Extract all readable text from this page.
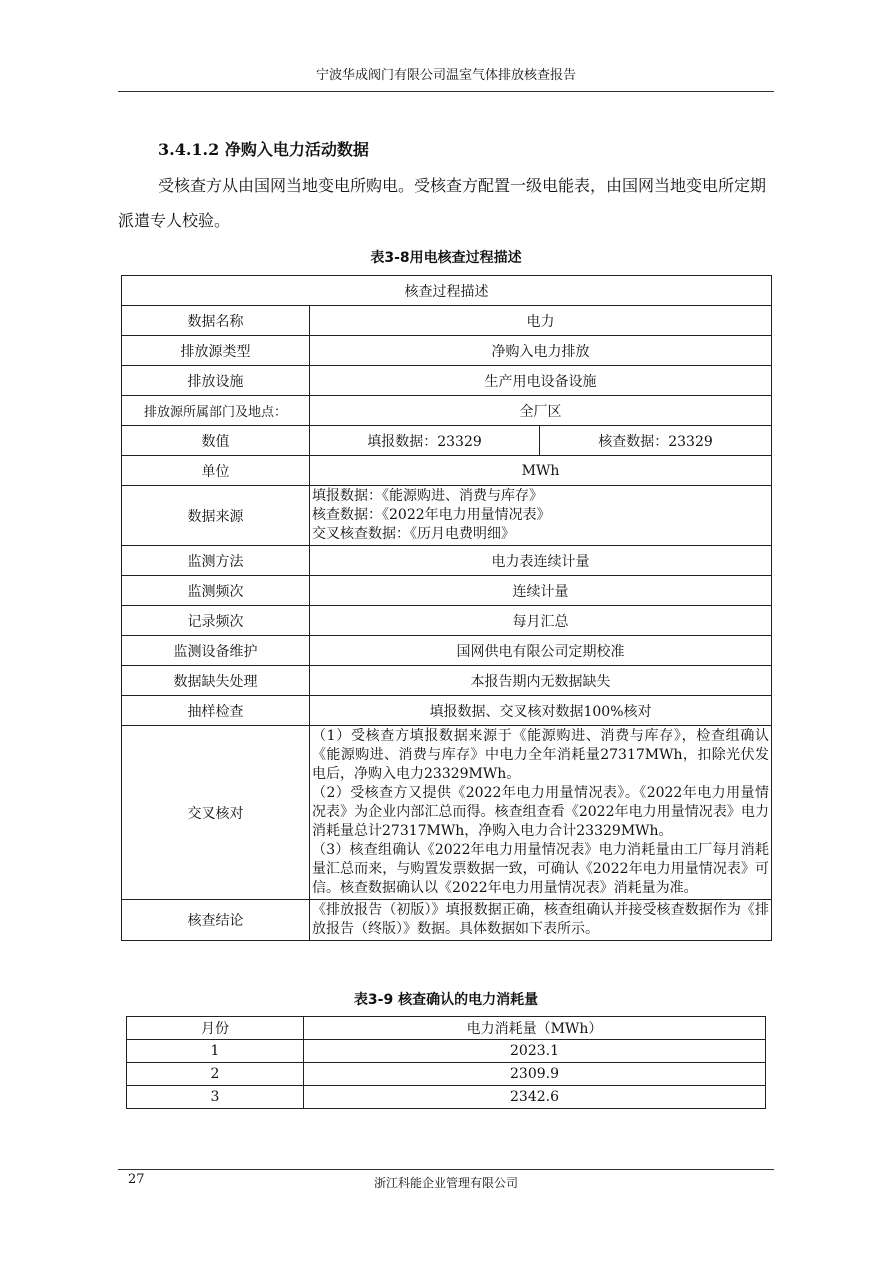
宁波华成阀门有限公司温室气体排放核查报告
3.4.1.2 净购入电力活动数据
受核查方从由国网当地变电所购电。受核查方配置一级电能表，由国网当地变电所定期派遣专人校验。
表3-8用电核查过程描述
核查过程描述		
数据名称	电力	
排放源类型	净购入电力排放	
排放设施	生产用电设备设施	
排放源所属部门及地点：	全厂区	
数值	填报数据：23329	核查数据：23329
单位	MWh	
数据来源	填报数据：《能源购进、消费与库存》
核查数据：《2022年电力用量情况表》
交叉核查数据：《历月电费明细》	

监测方法	电力表连续计量	
监测频次	连续计量	
记录频次	每月汇总	
监测设备维护	国网供电有限公司定期校准	
数据缺失处理	本报告期内无数据缺失	
抽样检查	填报数据、交叉核对数据100%核对	
交叉核对	（1）受核查方填报数据来源于《能源购进、消费与库存》，检查组确认《能源购进、消费与库存》中电力全年消耗量27317MWh，扣除光伏发电后，净购入电力23329MWh。
（2）受核查方又提供《2022年电力用量情况表》。《2022年电力用量情况表》为企业内部汇总而得。核查组查看《2022年电力用量情况表》电力消耗量总计27317MWh，净购入电力合计23329MWh。
（3）核查组确认《2022年电力用量情况表》电力消耗量由工厂每月消耗量汇总而来，与购置发票数据一致，可确认《2022年电力用量情况表》可信。核查数据确认以《2022年电力用量情况表》消耗量为准。	

核查结论	《排放报告（初版）》填报数据正确，核查组确认并接受核查数据作为《排放报告（终版）》数据。具体数据如下表所示。	
表3-9 核查确认的电力消耗量
月份	电力消耗量（MWh）
1	2023.1
2	2309.9
3	2342.6
27	浙江科能企业管理有限公司
